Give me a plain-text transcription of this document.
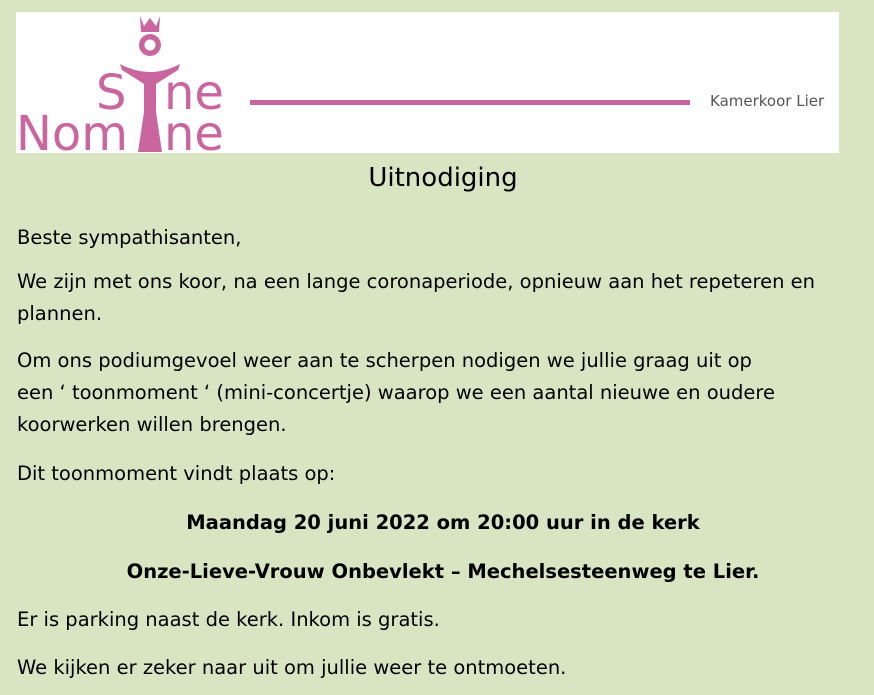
S ne
Nom ne
Kamerkoor Lier
Uitnodiging
Beste sympathisanten,
We zijn met ons koor, na een lange coronaperiode, opnieuw aan het repeteren en
plannen.
Om ons podiumgevoel weer aan te scherpen nodigen we jullie graag uit op
een ‘ toonmoment ‘ (mini-concertje) waarop we een aantal nieuwe en oudere
koorwerken willen brengen.
Dit toonmoment vindt plaats op:
Maandag 20 juni 2022 om 20:00 uur in de kerk
Onze-Lieve-Vrouw Onbevlekt – Mechelsesteenweg te Lier.
Er is parking naast de kerk. Inkom is gratis.
We kijken er zeker naar uit om jullie weer te ontmoeten.
